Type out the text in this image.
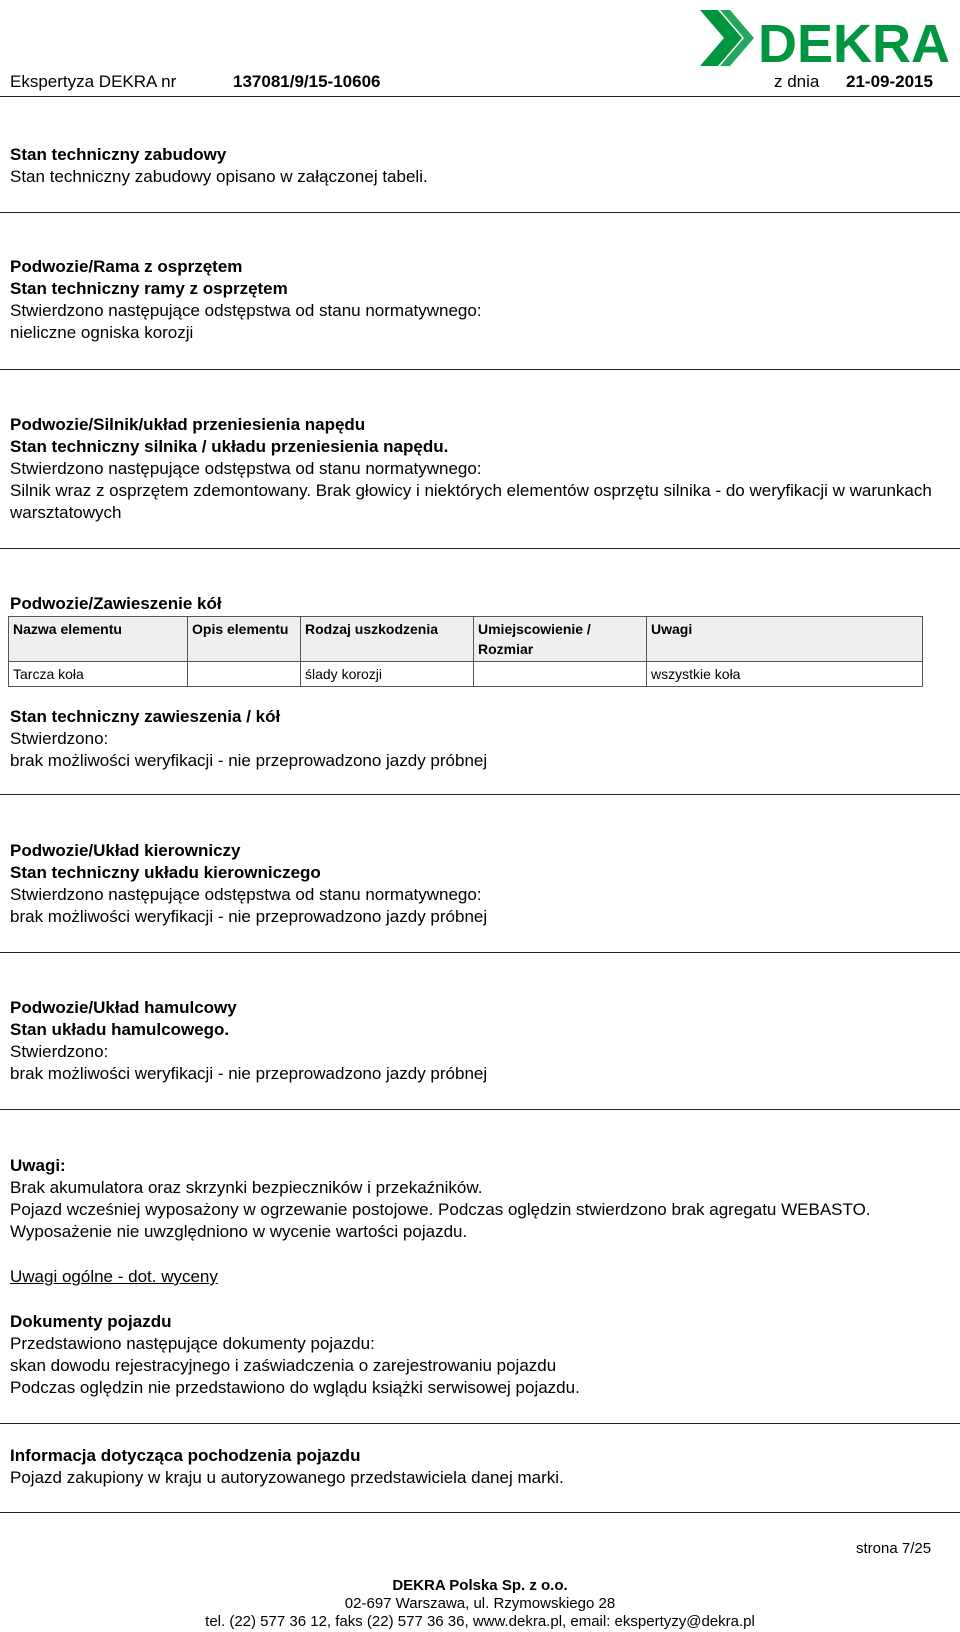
DEKRA
Ekspertyza DEKRA nr	137081/9/15-10606	z dnia 21-09-2015
Stan techniczny zabudowy
Stan techniczny zabudowy opisano w załączonej tabeli.
Podwozie/Rama z osprzętem
Stan techniczny ramy z osprzętem
Stwierdzono następujące odstępstwa od stanu normatywnego:
nieliczne ogniska korozji
Podwozie/Silnik/układ przeniesienia napędu
Stan techniczny silnika / układu przeniesienia napędu.
Stwierdzono następujące odstępstwa od stanu normatywnego:
Silnik wraz z osprzętem zdemontowany. Brak głowicy i niektórych elementów osprzętu silnika - do weryfikacji w warunkach warsztatowych
Podwozie/Zawieszenie kół
Nazwa elementu	Opis elementu	Rodzaj uszkodzenia	Umiejscowienie / Rozmiar	Uwagi
Tarcza koła		ślady korozji		wszystkie koła
Stan techniczny zawieszenia / kół
Stwierdzono:
brak możliwości weryfikacji - nie przeprowadzono jazdy próbnej
Podwozie/Układ kierowniczy
Stan techniczny układu kierowniczego
Stwierdzono następujące odstępstwa od stanu normatywnego:
brak możliwości weryfikacji - nie przeprowadzono jazdy próbnej
Podwozie/Układ hamulcowy
Stan układu hamulcowego.
Stwierdzono:
brak możliwości weryfikacji - nie przeprowadzono jazdy próbnej
Uwagi:
Brak akumulatora oraz skrzynki bezpieczników i przekaźników.
Pojazd wcześniej wyposażony w ogrzewanie postojowe. Podczas oględzin stwierdzono brak agregatu WEBASTO. Wyposażenie nie uwzględniono w wycenie wartości pojazdu.
Uwagi ogólne - dot. wyceny
Dokumenty pojazdu
Przedstawiono następujące dokumenty pojazdu:
skan dowodu rejestracyjnego i zaświadczenia o zarejestrowaniu pojazdu
Podczas oględzin nie przedstawiono do wglądu książki serwisowej pojazdu.
Informacja dotycząca pochodzenia pojazdu
Pojazd zakupiony w kraju u autoryzowanego przedstawiciela danej marki.
strona 7/25
DEKRA Polska Sp. z o.o.
02-697 Warszawa, ul. Rzymowskiego 28
tel. (22) 577 36 12, faks (22) 577 36 36, www.dekra.pl, email: ekspertyzy@dekra.pl
